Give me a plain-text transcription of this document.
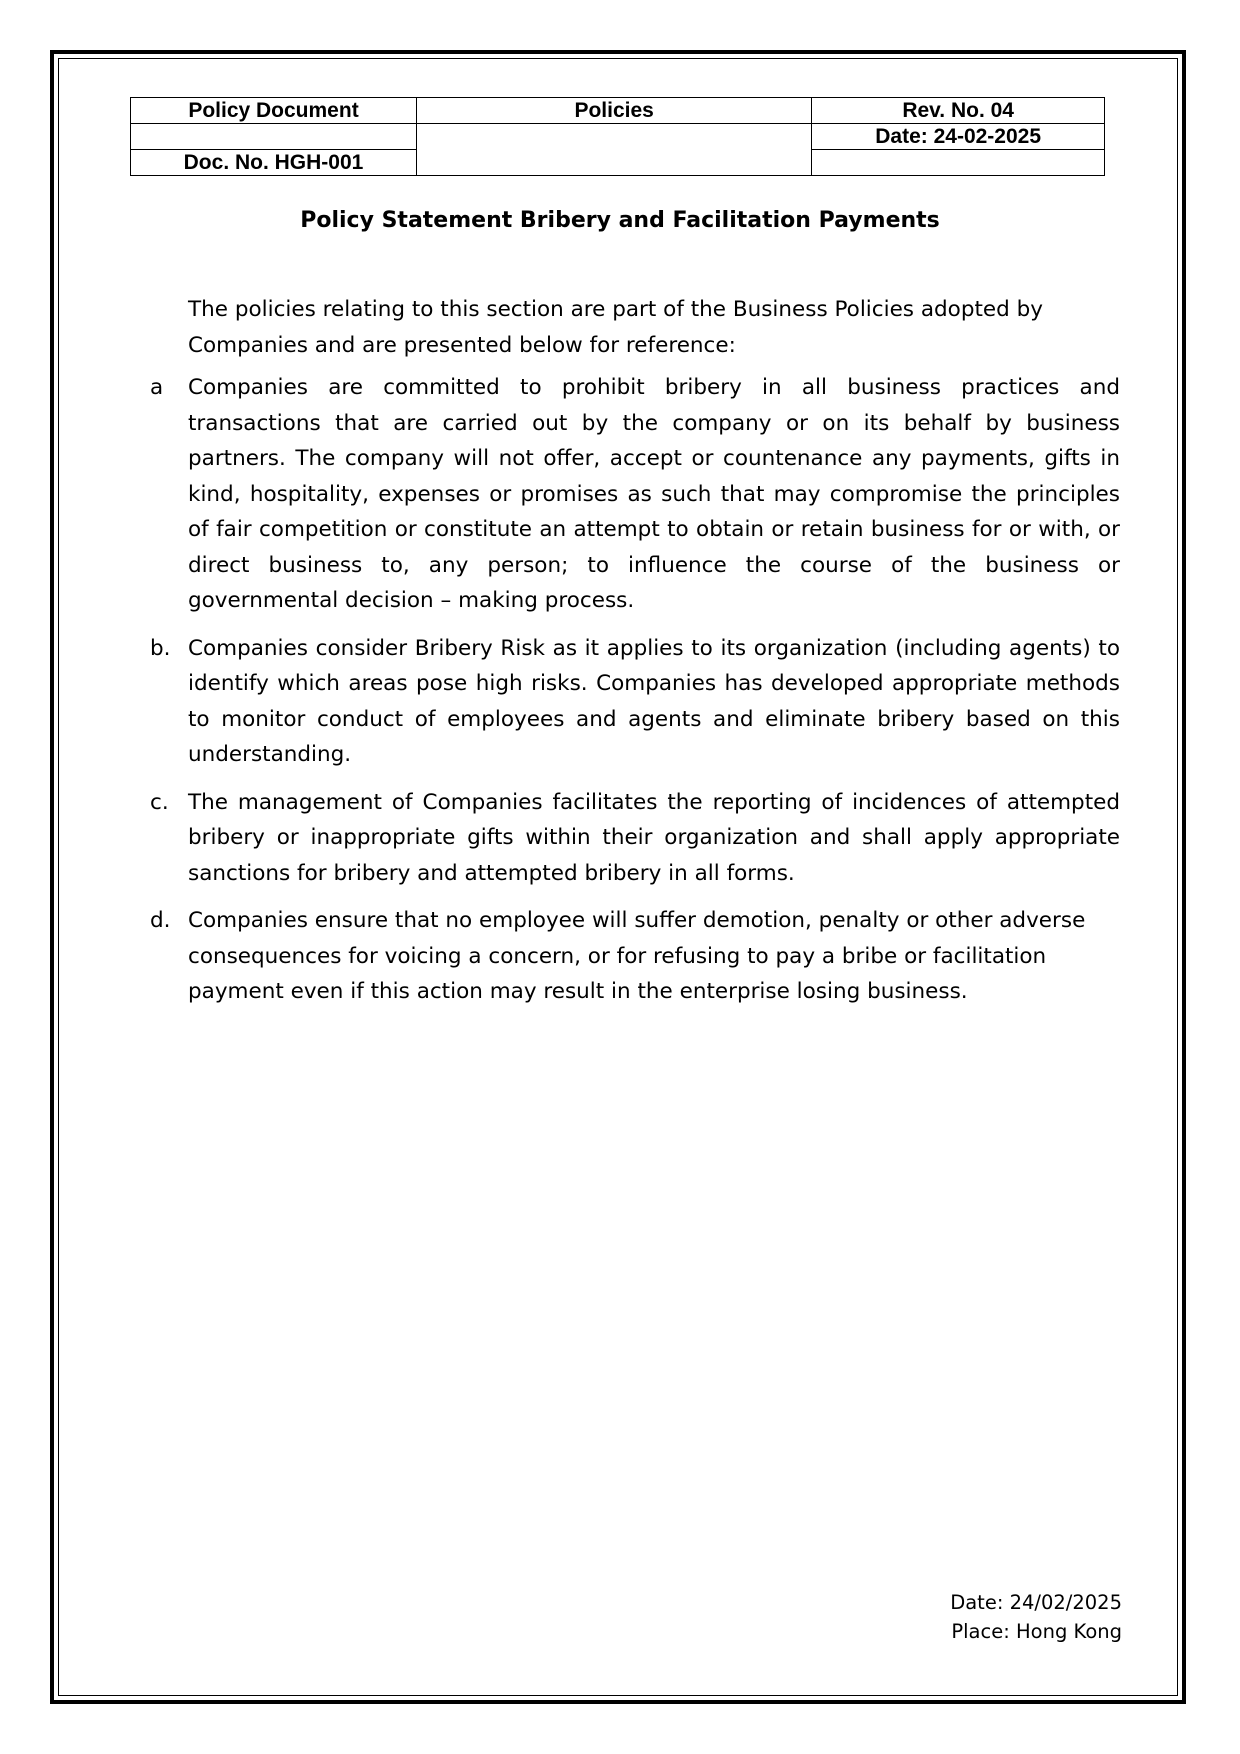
Policy Document	Policies	Rev. No. 04
		Date: 24-02-2025
Doc. No. HGH-001		
Policy Statement Bribery and Facilitation Payments
The policies relating to this section are part of the Business Policies adopted by Companies and are presented below for reference:
a	Companies are committed to prohibit bribery in all business practices and transactions that are carried out by the company or on its behalf by business partners. The company will not offer, accept or countenance any payments, gifts in kind, hospitality, expenses or promises as such that may compromise the principles of fair competition or constitute an attempt to obtain or retain business for or with, or direct business to, any person; to influence the course of the business or governmental decision – making process.
b. Companies consider Bribery Risk as it applies to its organization (including agents) to identify which areas pose high risks. Companies has developed appropriate methods to monitor conduct of employees and agents and eliminate bribery based on this understanding.
c. The management of Companies facilitates the reporting of incidences of attempted bribery or inappropriate gifts within their organization and shall apply appropriate sanctions for bribery and attempted bribery in all forms.
d. Companies ensure that no employee will suffer demotion, penalty or other adverse consequences for voicing a concern, or for refusing to pay a bribe or facilitation payment even if this action may result in the enterprise losing business.
Date: 24/02/2025
Place: Hong Kong
